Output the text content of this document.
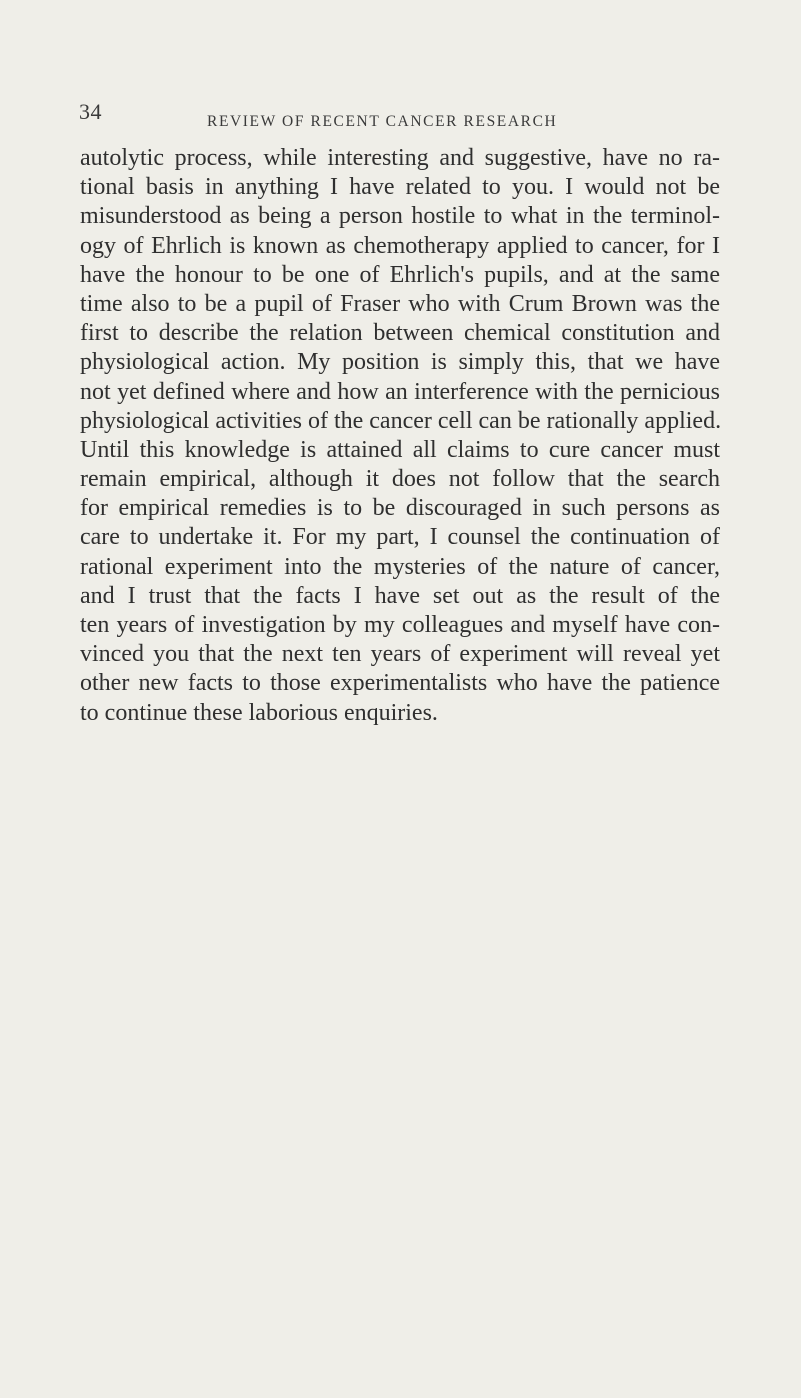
34	REVIEW OF RECENT CANCER RESEARCH
autolytic process, while interesting and suggestive, have no ra-
tional basis in anything I have related to you. I would not be
misunderstood as being a person hostile to what in the terminol-
ogy of Ehrlich is known as chemotherapy applied to cancer, for I
have the honour to be one of Ehrlich's pupils, and at the same
time also to be a pupil of Fraser who with Crum Brown was the
first to describe the relation between chemical constitution and
physiological action. My position is simply this, that we have
not yet defined where and how an interference with the pernicious
physiological activities of the cancer cell can be rationally applied.
Until this knowledge is attained all claims to cure cancer must
remain empirical, although it does not follow that the search
for empirical remedies is to be discouraged in such persons as
care to undertake it. For my part, I counsel the continuation of
rational experiment into the mysteries of the nature of cancer,
and I trust that the facts I have set out as the result of the
ten years of investigation by my colleagues and myself have con-
vinced you that the next ten years of experiment will reveal yet
other new facts to those experimentalists who have the patience
to continue these laborious enquiries.
